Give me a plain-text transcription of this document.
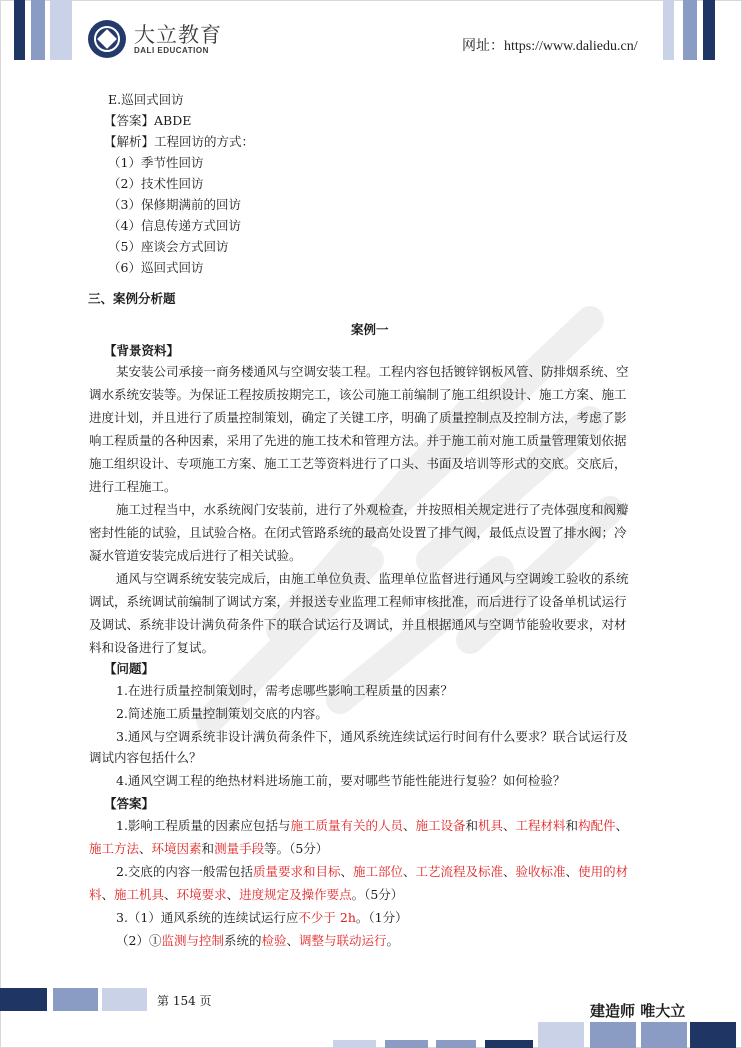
大立教育
DALI EDUCATION	网址：https://www.daliedu.cn/
E.巡回式回访
【答案】ABDE
【解析】工程回访的方式：
（1）季节性回访
（2）技术性回访
（3）保修期满前的回访
（4）信息传递方式回访
（5）座谈会方式回访
（6）巡回式回访
三、案例分析题
案例一
【背景资料】
某安装公司承接一商务楼通风与空调安装工程。工程内容包括镀锌钢板风管、防排烟系统、空
调水系统安装等。为保证工程按质按期完工，该公司施工前编制了施工组织设计、施工方案、施工
进度计划，并且进行了质量控制策划，确定了关键工序，明确了质量控制点及控制方法，考虑了影
响工程质量的各种因素，采用了先进的施工技术和管理方法。并于施工前对施工质量管理策划依据
施工组织设计、专项施工方案、施工工艺等资料进行了口头、书面及培训等形式的交底。交底后，
进行工程施工。
施工过程当中，水系统阀门安装前，进行了外观检查，并按照相关规定进行了壳体强度和阀瓣
密封性能的试验，且试验合格。在闭式管路系统的最高处设置了排气阀，最低点设置了排水阀；冷
凝水管道安装完成后进行了相关试验。
通风与空调系统安装完成后，由施工单位负责、监理单位监督进行通风与空调竣工验收的系统
调试，系统调试前编制了调试方案，并报送专业监理工程师审核批准，而后进行了设备单机试运行
及调试、系统非设计满负荷条件下的联合试运行及调试，并且根据通风与空调节能验收要求，对材
料和设备进行了复试。
【问题】
1.在进行质量控制策划时，需考虑哪些影响工程质量的因素？
2.简述施工质量控制策划交底的内容。
3.通风与空调系统非设计满负荷条件下，通风系统连续试运行时间有什么要求？联合试运行及
调试内容包括什么？
4.通风空调工程的绝热材料进场施工前，要对哪些节能性能进行复验？如何检验？
【答案】
1.影响工程质量的因素应包括与施工质量有关的人员、施工设备和机具、工程材料和构配件、
施工方法、环境因素和测量手段等。（5分）
2.交底的内容一般需包括质量要求和目标、施工部位、工艺流程及标准、验收标准、使用的材
料、施工机具、环境要求、进度规定及操作要点。（5分）
3.（1）通风系统的连续试运行应不少于 2h。（1分）
（2）①监测与控制系统的检验、调整与联动运行。
第 154 页
建造师 唯大立
